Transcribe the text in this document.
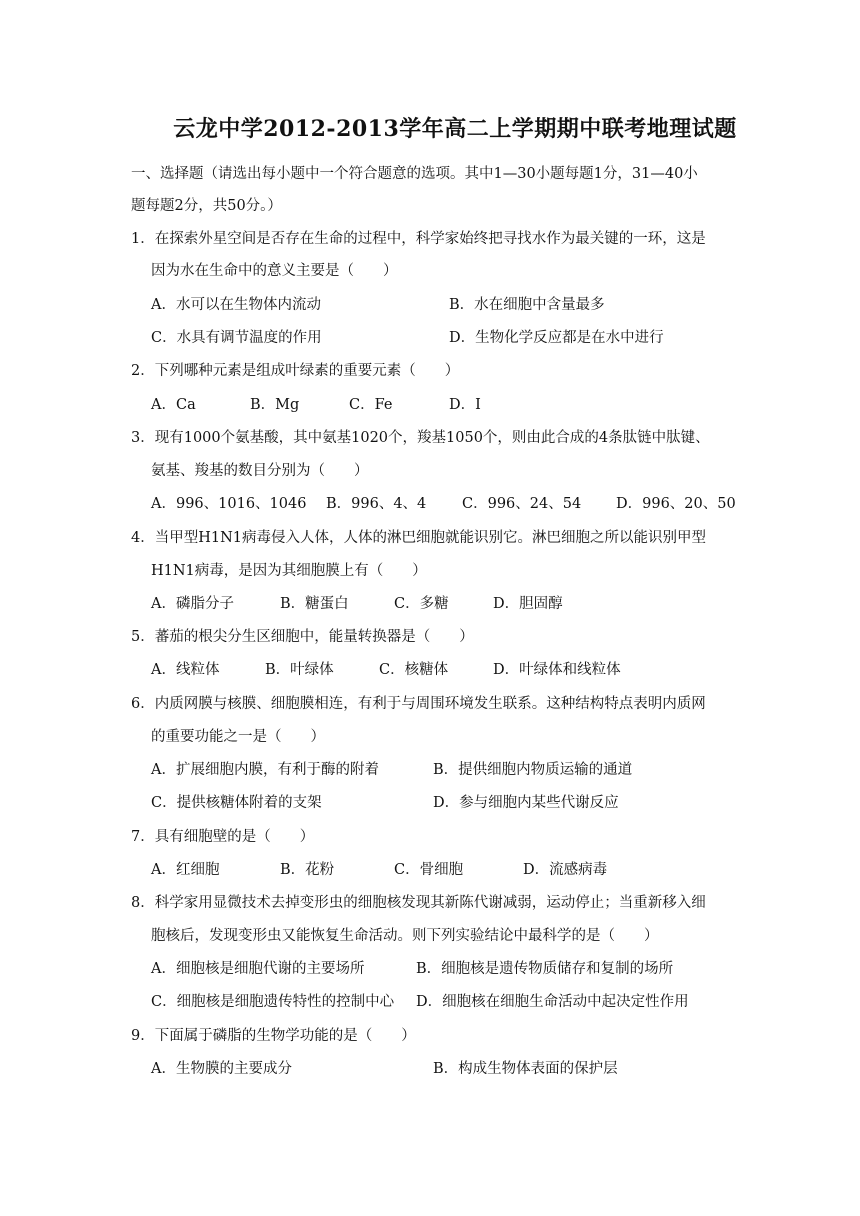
云龙中学2012-2013学年高二上学期期中联考地理试题
一、选择题（请选出每小题中一个符合题意的选项。其中1—30小题每题1分，31—40小
题每题2分，共50分。）
1．在探索外星空间是否存在生命的过程中，科学家始终把寻找水作为最关键的一环，这是
因为水在生命中的意义主要是（　　）
A．水可以在生物体内流动	B．水在细胞中含量最多
C．水具有调节温度的作用	D．生物化学反应都是在水中进行
2．下列哪种元素是组成叶绿素的重要元素（　　）
A．Ca	B．Mg	C．Fe	D．I
3．现有1000个氨基酸，其中氨基1020个，羧基1050个，则由此合成的4条肽链中肽键、
氨基、羧基的数目分别为（　　）
A．996、1016、1046 B．996、4、4 C．996、24、54 D．996、20、50
4．当甲型H1N1病毒侵入人体，人体的淋巴细胞就能识别它。淋巴细胞之所以能识别甲型
H1N1病毒，是因为其细胞膜上有（　　）
A．磷脂分子	B．糖蛋白	C．多糖	D．胆固醇
5．蕃茄的根尖分生区细胞中，能量转换器是（　　）
A．线粒体	B．叶绿体	C．核糖体	D．叶绿体和线粒体
6．内质网膜与核膜、细胞膜相连，有利于与周围环境发生联系。这种结构特点表明内质网
的重要功能之一是（　　）
A．扩展细胞内膜，有利于酶的附着	B．提供细胞内物质运输的通道
C．提供核糖体附着的支架	D．参与细胞内某些代谢反应
7．具有细胞壁的是（　　）
A．红细胞	B．花粉	C．骨细胞	D．流感病毒
8．科学家用显微技术去掉变形虫的细胞核发现其新陈代谢减弱，运动停止；当重新移入细
胞核后，发现变形虫又能恢复生命活动。则下列实验结论中最科学的是（　　）
A．细胞核是细胞代谢的主要场所	B．细胞核是遗传物质储存和复制的场所
C．细胞核是细胞遗传特性的控制中心 D．细胞核在细胞生命活动中起决定性作用
9．下面属于磷脂的生物学功能的是（　　）
A．生物膜的主要成分	B．构成生物体表面的保护层
